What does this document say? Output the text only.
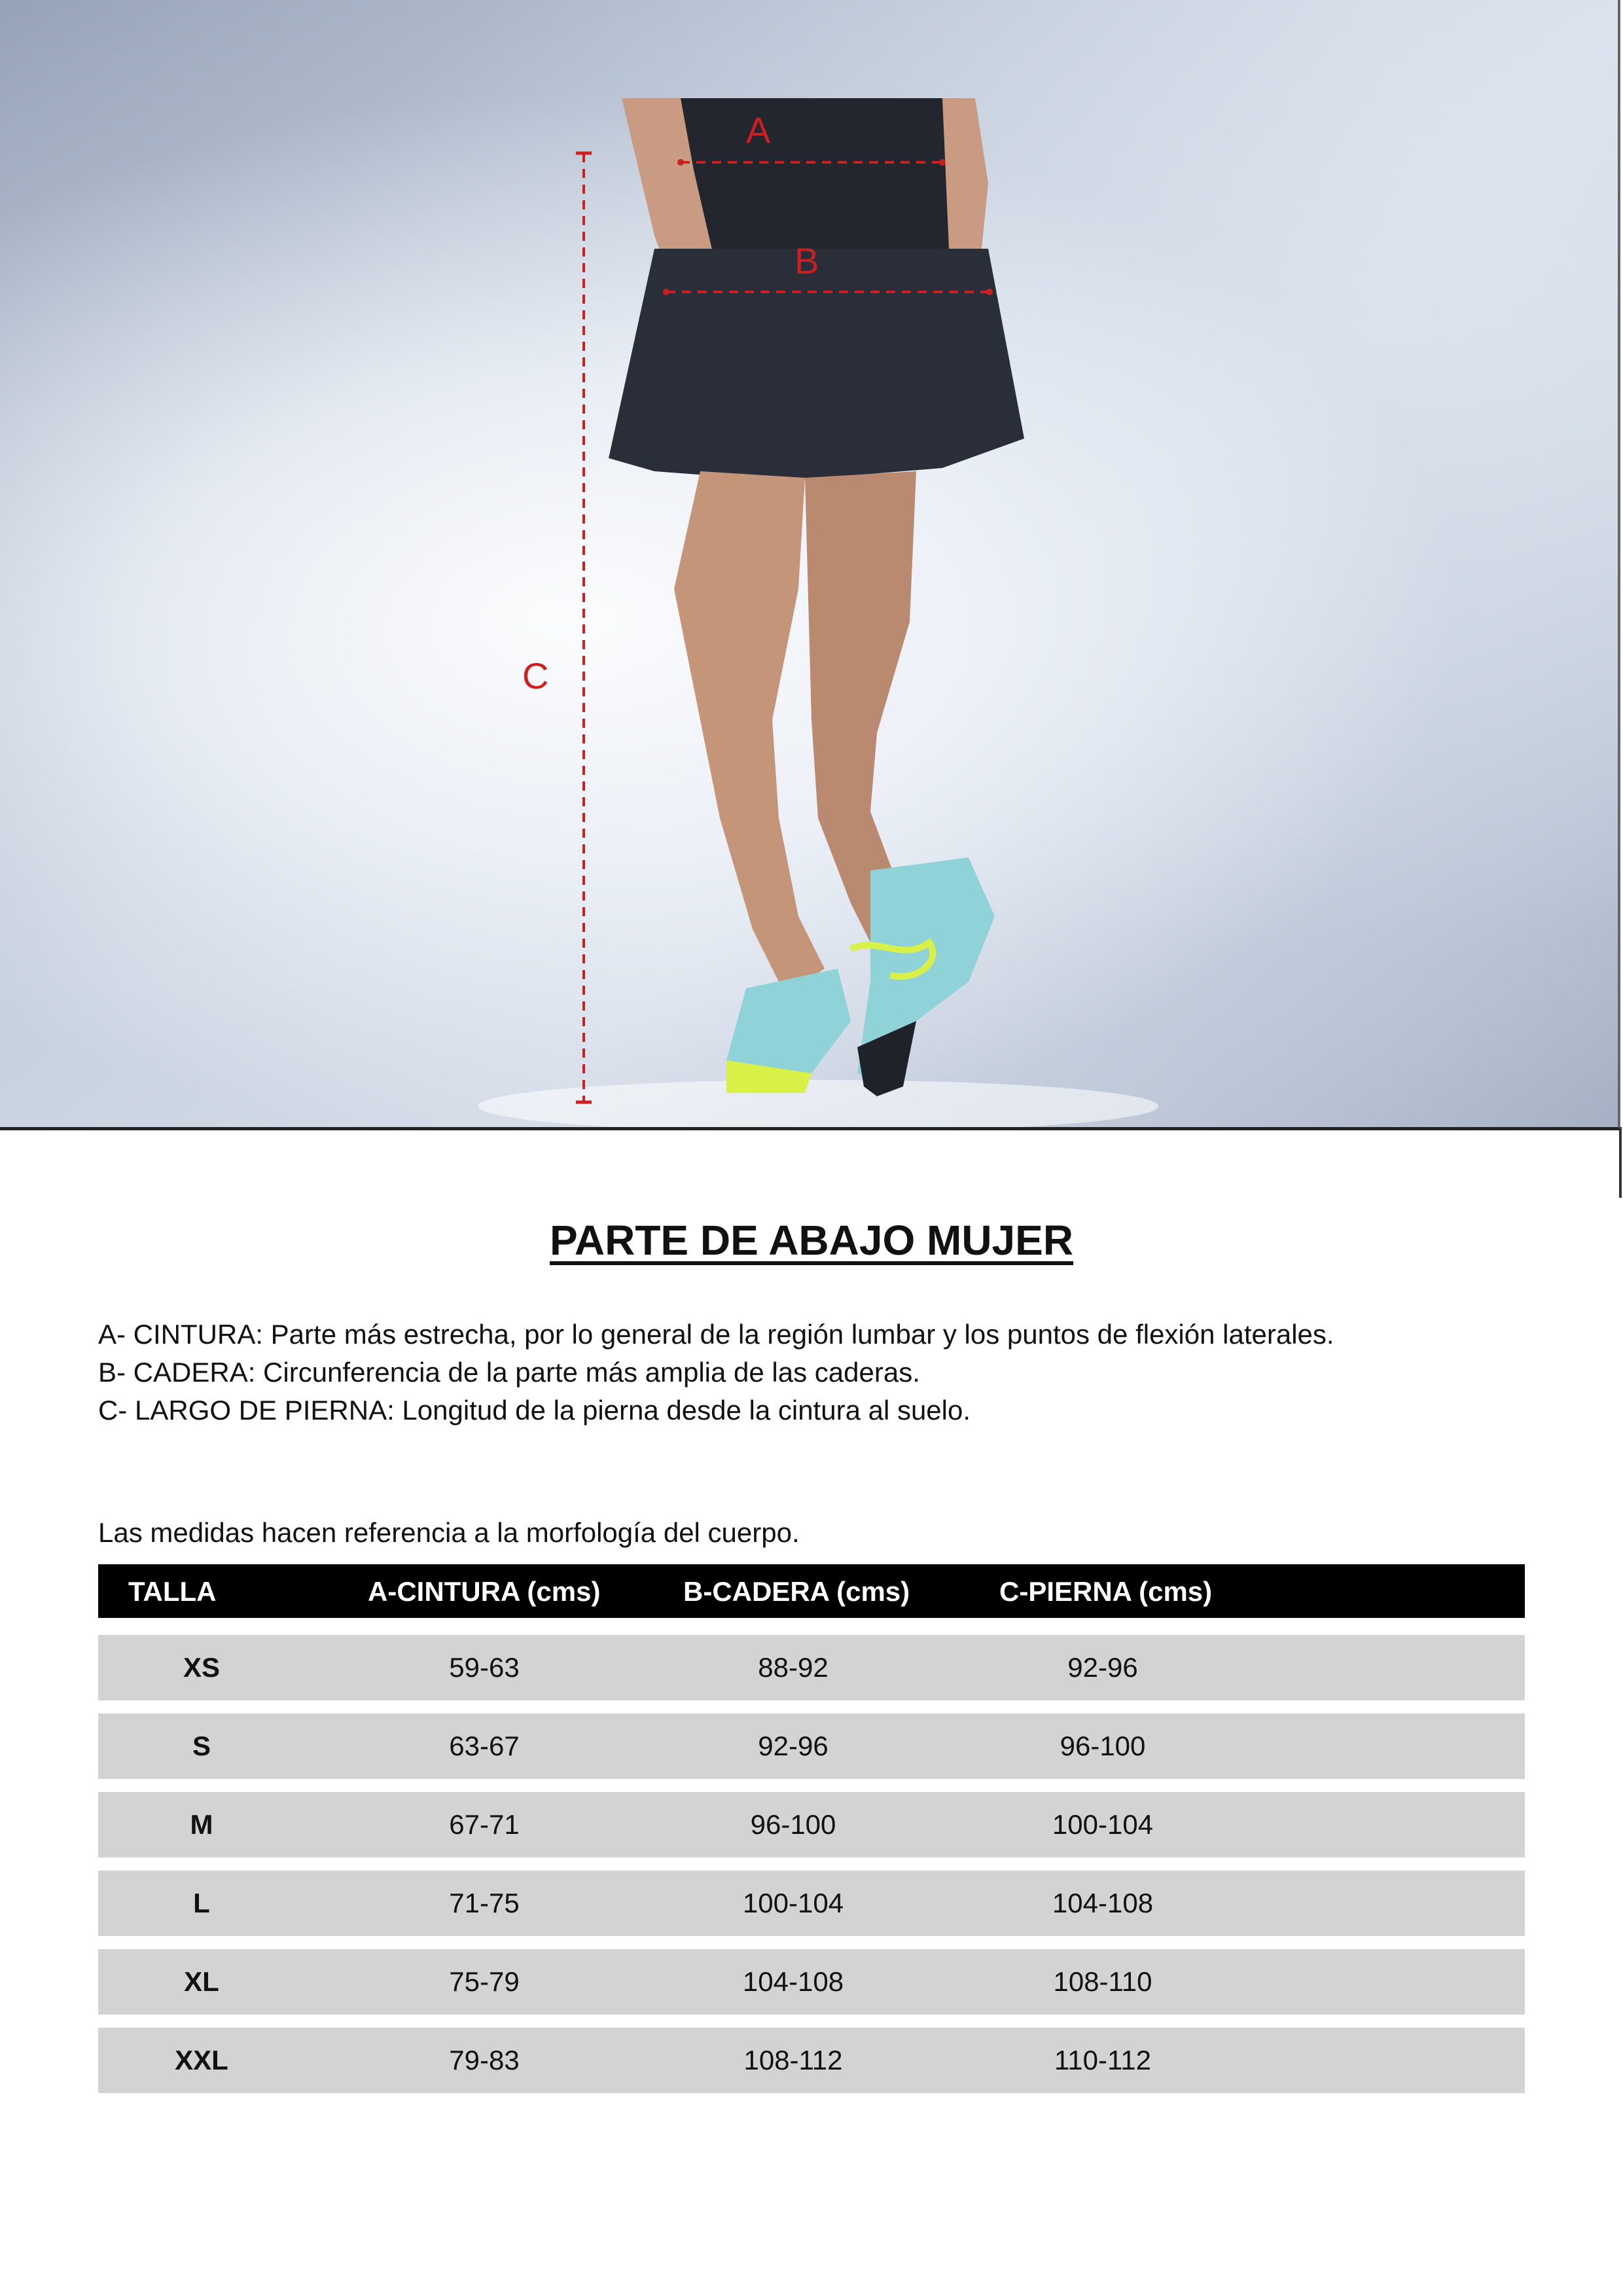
A
B
C
PARTE DE ABAJO MUJER
A- CINTURA: Parte más estrecha, por lo general de la región lumbar y los puntos de flexión laterales.
B- CADERA: Circunferencia de la parte más amplia de las caderas.
C- LARGO DE PIERNA: Longitud de la pierna desde la cintura al suelo.
Las medidas hacen referencia a la morfología del cuerpo.
TALLA	A-CINTURA (cms)	B-CADERA (cms)	C-PIERNA (cms)
XS	59-63	88-92	92-96
S	63-67	92-96	96-100
M	67-71	96-100	100-104
L	71-75	100-104	104-108
XL	75-79	104-108	108-110
XXL	79-83	108-112	110-112
